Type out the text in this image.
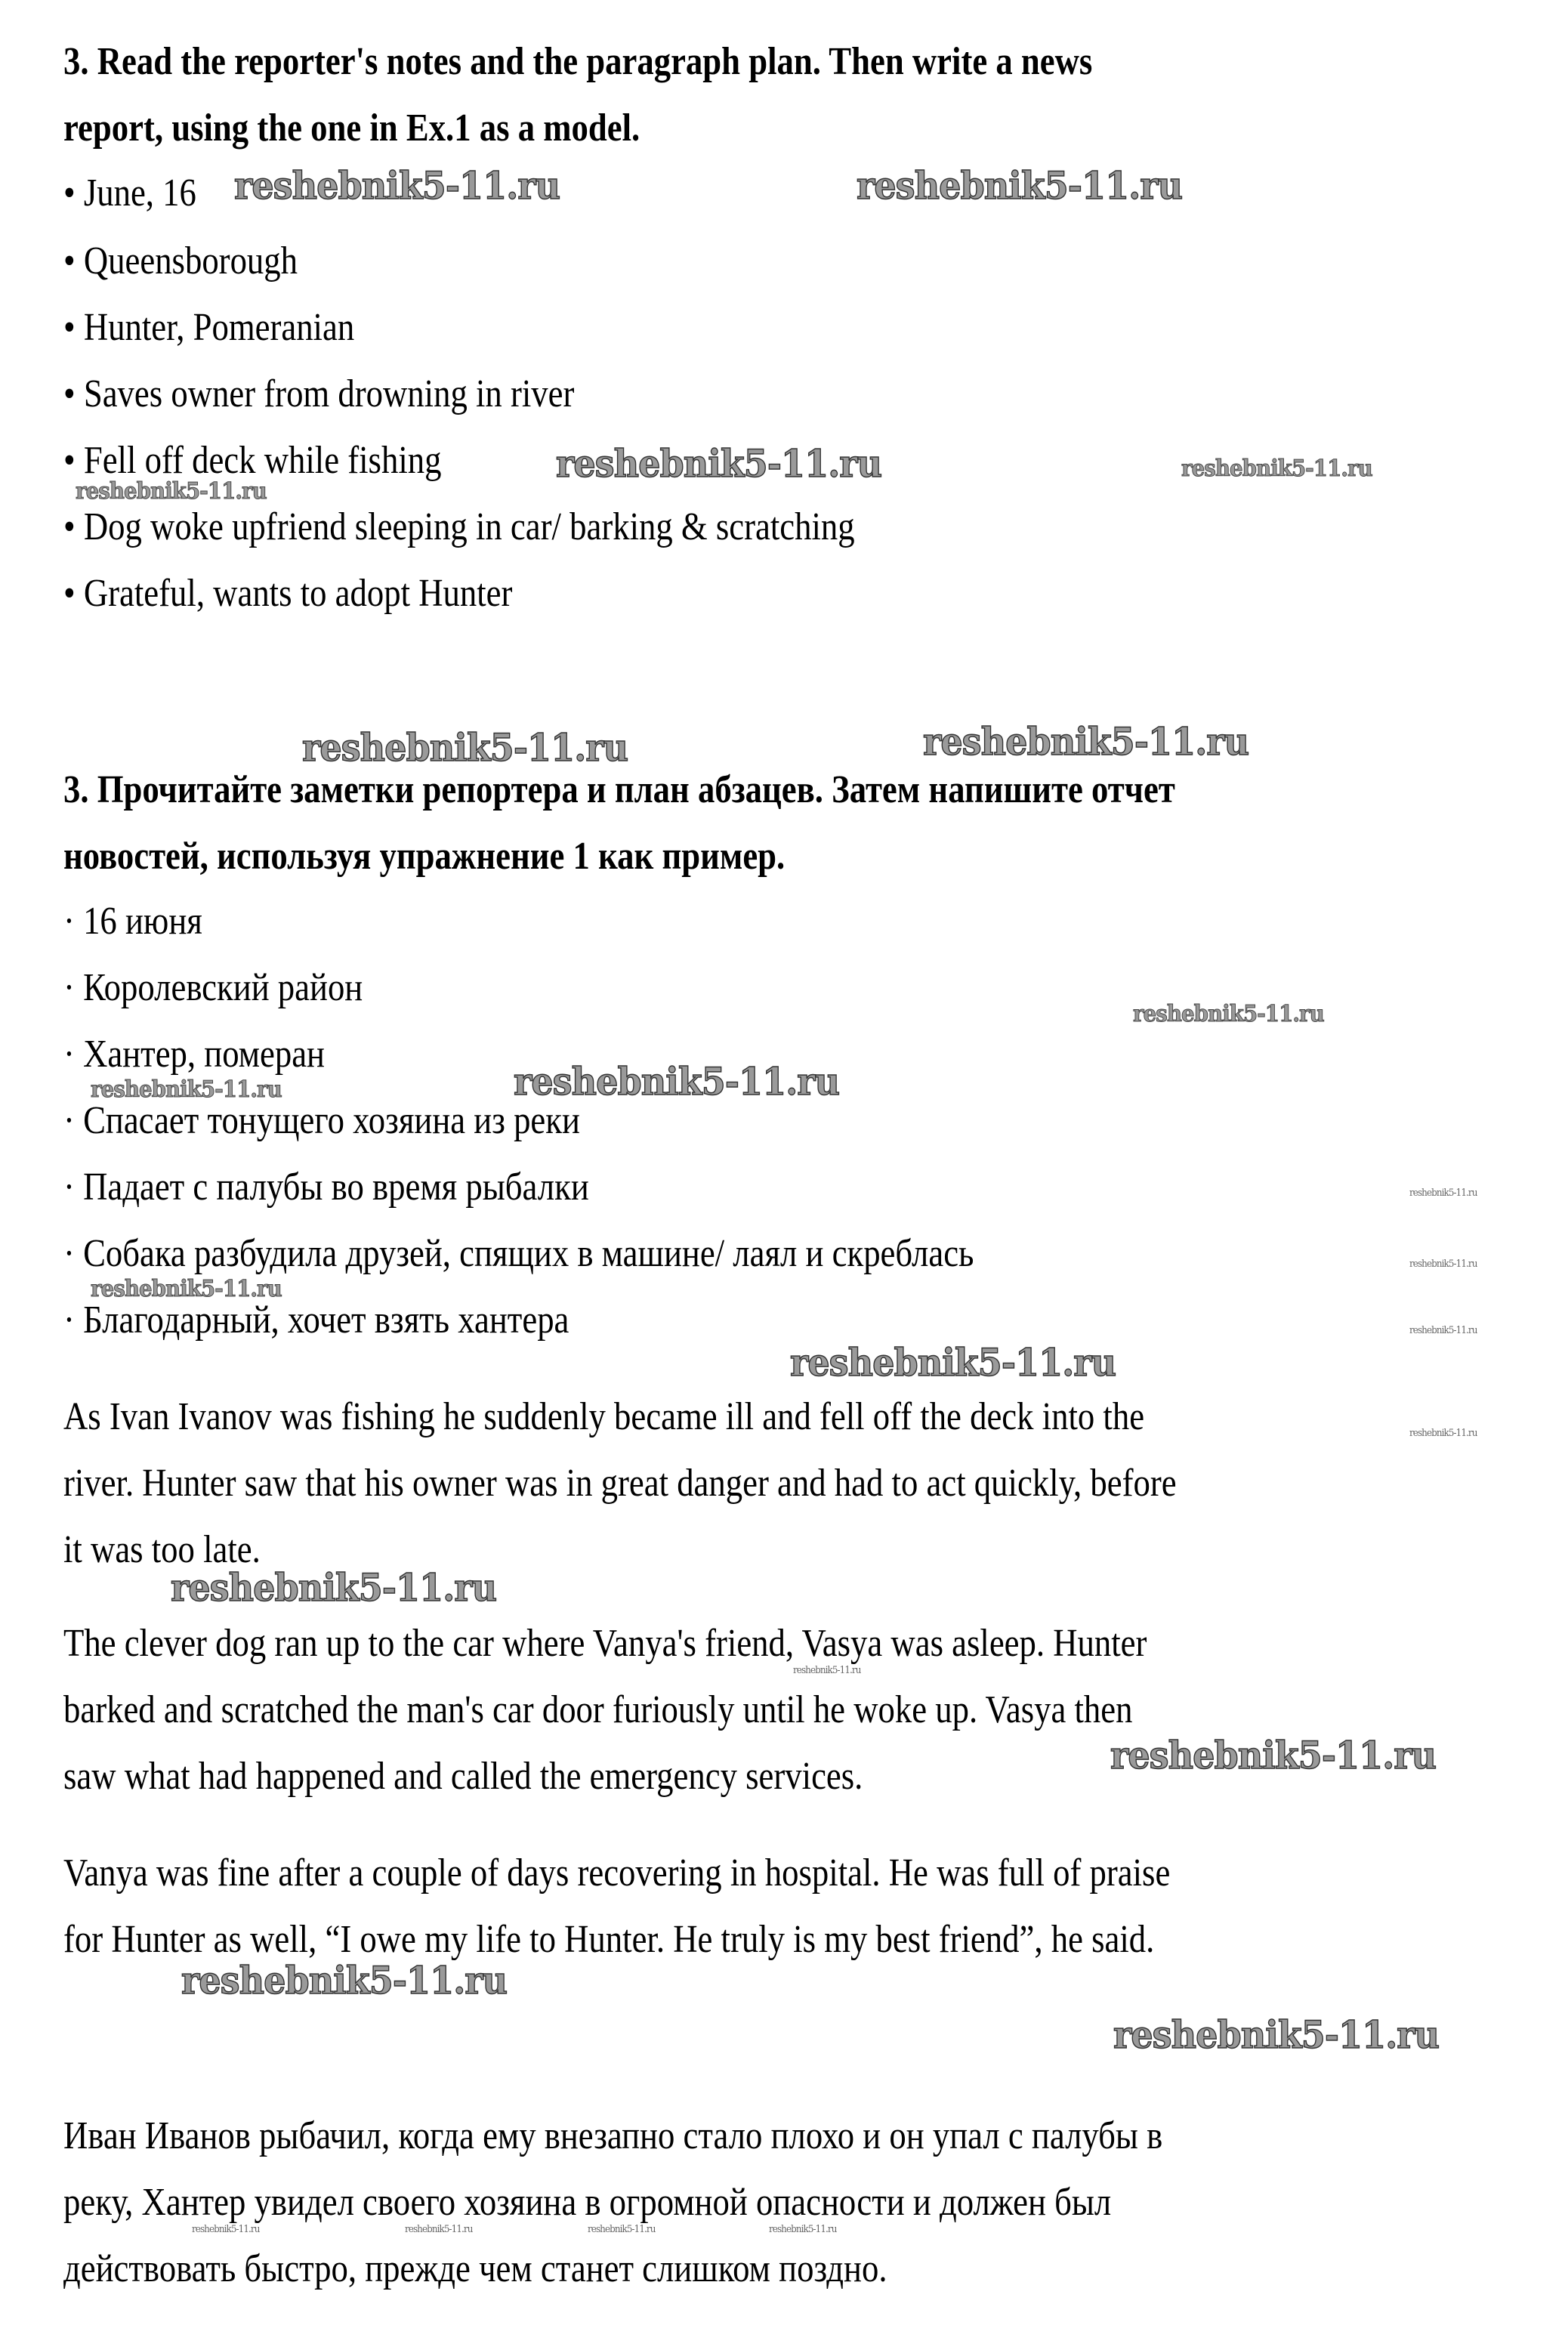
3. Read the reporter's notes and the paragraph plan. Then write a news
report, using the one in Ex.1 as a model.
• June, 16
• Queensborough
• Hunter, Pomeranian
• Saves owner from drowning in river
• Fell off deck while fishing
• Dog woke upfriend sleeping in car/ barking & scratching
• Grateful, wants to adopt Hunter
3. Прочитайте заметки репортера и план абзацев. Затем напишите отчет
новостей, используя упражнение 1 как пример.
· 16 июня
· Королевский район
· Хантер, померан
· Спасает тонущего хозяина из реки
· Падает с палубы во время рыбалки
· Собака разбудила друзей, спящих в машине/ лаял и скреблась
· Благодарный, хочет взять хантера
As Ivan Ivanov was fishing he suddenly became ill and fell off the deck into the
river. Hunter saw that his owner was in great danger and had to act quickly, before
it was too late.
The clever dog ran up to the car where Vanya's friend, Vasya was asleep. Hunter
barked and scratched the man's car door furiously until he woke up. Vasya then
saw what had happened and called the emergency services.
Vanya was fine after a couple of days recovering in hospital. He was full of praise
for Hunter as well, “I owe my life to Hunter. He truly is my best friend”, he said.
Иван Иванов рыбачил, когда ему внезапно стало плохо и он упал с палубы в
реку, Хантер увидел своего хозяина в огромной опасности и должен был
действовать быстро, прежде чем станет слишком поздно.
reshebnik5-11.ru	reshebnik5-11.ru
reshebnik5-11.ru	reshebnik5-11.ru
reshebnik5-11.ru
reshebnik5-11.ru	reshebnik5-11.ru
reshebnik5-11.ru
reshebnik5-11.ru	reshebnik5-11.ru
reshebnik5-11.ru
reshebnik5-11.ru
reshebnik5-11.ru
reshebnik5-11.ru
reshebnik5-11.ru
reshebnik5-11.ru
reshebnik5-11.ru
reshebnik5-11.ru
reshebnik5-11.ru
reshebnik5-11.ru
reshebnik5-11.ru
reshebnik5-11.ru	reshebnik5-11.ru	reshebnik5-11.ru	reshebnik5-11.ru
